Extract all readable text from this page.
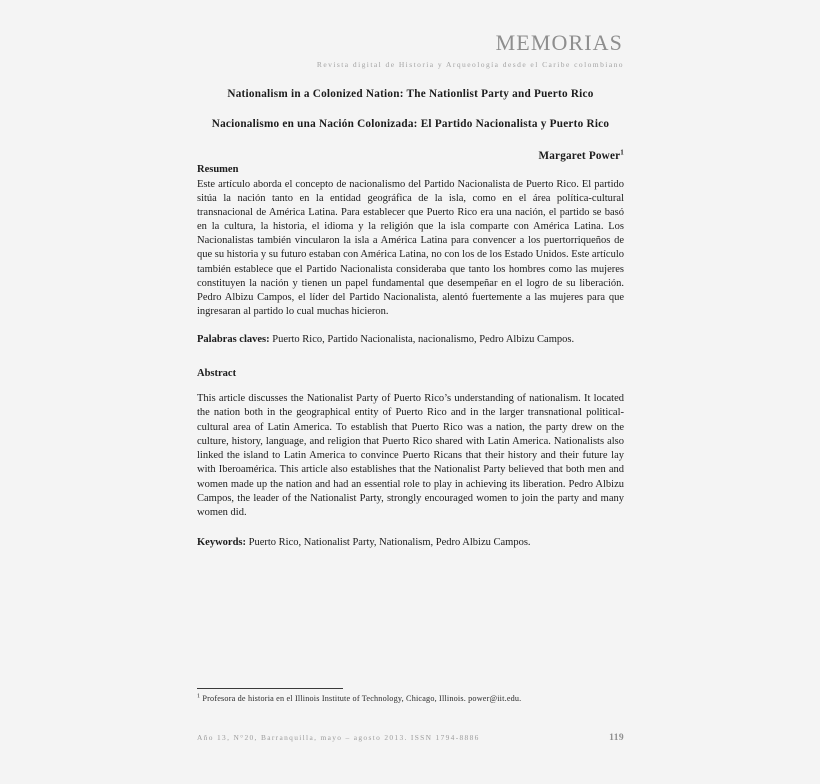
MEMORIAS
Revista digital de Historia y Arqueología desde el Caribe colombiano
Nationalism in a Colonized Nation: The Nationlist Party and Puerto Rico
Nacionalismo en una Nación Colonizada: El Partido Nacionalista y Puerto Rico

Margaret Power$^1$

Resumen

Este artículo aborda el concepto de nacionalismo del Partido Nacionalista de Puerto Rico. El partido sitúa la nación tanto en la entidad geográfica de la isla, como en el área política-cultural transnacional de América Latina. Para establecer que Puerto Rico era una nación, el partido se basó en la cultura, la historia, el idioma y la religión que la isla comparte con América Latina. Los Nacionalistas también vincularon la isla a América Latina para convencer a los puertorriqueños de que su historia y su futuro estaban con América Latina, no con los de los Estado Unidos. Este artículo también establece que el Partido Nacionalista consideraba que tanto los hombres como las mujeres constituyen la nación y tienen un papel fundamental que desempeñar en el logro de su liberación. Pedro Albizu Campos, el líder del Partido Nacionalista, alentó fuertemente a las mujeres para que ingresaran al partido lo cual muchas hicieron.

Palabras claves: Puerto Rico, Partido Nacionalista, nacionalismo, Pedro Albizu Campos.

Abstract

This article discusses the Nationalist Party of Puerto Rico’s understanding of nationalism. It located the nation both in the geographical entity of Puerto Rico and in the larger transnational political-cultural area of Latin America. To establish that Puerto Rico was a nation, the party drew on the culture, history, language, and religion that Puerto Rico shared with Latin America. Nationalists also linked the island to Latin America to convince Puerto Ricans that their history and their future lay with Iberoamérica. This article also establishes that the Nationalist Party believed that both men and women made up the nation and had an essential role to play in achieving its liberation. Pedro Albizu Campos, the leader of the Nationalist Party, strongly encouraged women to join the party and many women did.

Keywords: Puerto Rico, Nationalist Party, Nationalism, Pedro Albizu Campos.

$^1$ Profesora de historia en el Illinois Institute of Technology, Chicago, Illinois. power@iit.edu.

Año 13, N°20, Barranquilla, mayo – agosto 2013. ISSN 1794-8886	119
